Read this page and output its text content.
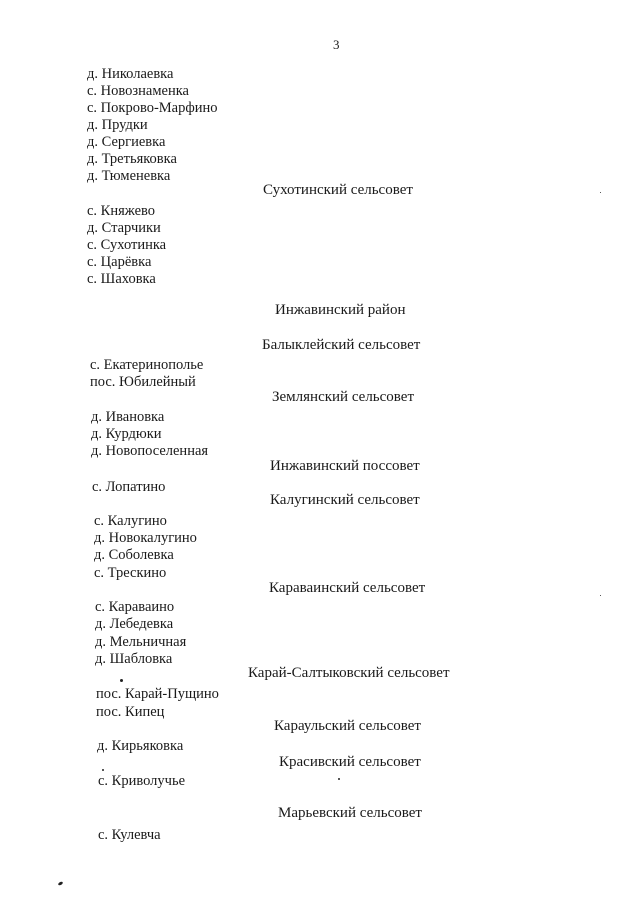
3
д. Николаевка
с. Новознаменка
с. Покрово-Марфино
д. Прудки
д. Сергиевка
д. Третьяковка
д. Тюменевка
Сухотинский сельсовет
с. Княжево
д. Старчики
с. Сухотинка
с. Царёвка
с. Шаховка
Инжавинский район
Балыклейский сельсовет
с. Екатеринополье
пос. Юбилейный
Землянский сельсовет
д. Ивановка
д. Курдюки
д. Новопоселенная
Инжавинский поссовет
с. Лопатино
Калугинский сельсовет
с. Калугино
д. Новокалугино
д. Соболевка
с. Трескино
Караваинский сельсовет
с. Караваино
д. Лебедевка
д. Мельничная
д. Шабловка
Карай-Салтыковский сельсовет
пос. Карай-Пущино
пос. Кипец
Караульский сельсовет
д. Кирьяковка
Красивский сельсовет
с. Криволучье
Марьевский сельсовет
с. Кулевча
